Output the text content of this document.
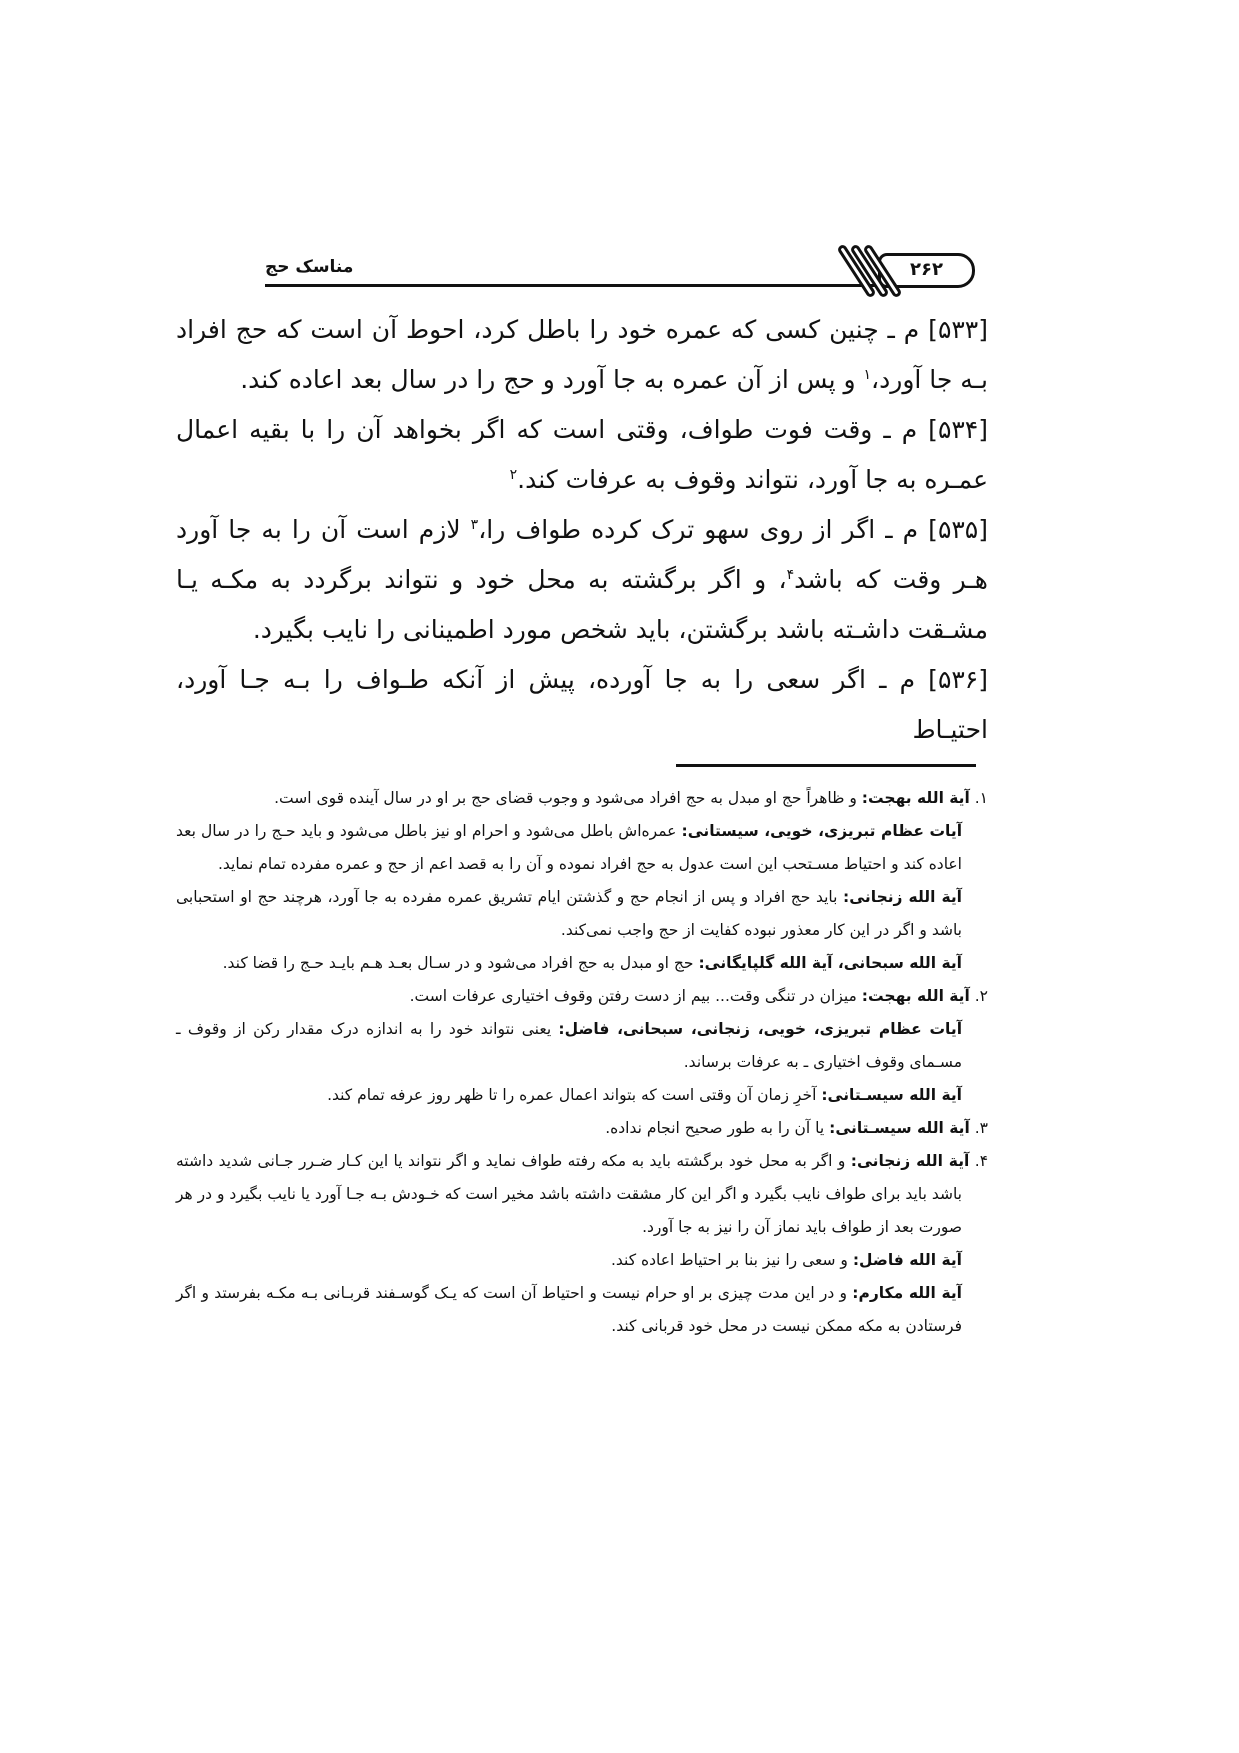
مناسک حج	۲۶۲

[۵۳۳] م ـ چنین کسی که عمره خود را باطل کرد، احوط آن است که حج افراد بـه جا آورد،$^۱$ و پس از آن عمره به جا آورد و حج را در سال بعد اعاده کند.

[۵۳۴] م ـ وقت فوت طواف، وقتی است که اگر بخواهد آن را با بقیه اعمال عمـره به جا آورد، نتواند وقوف به عرفات کند.$^۲$

[۵۳۵] م ـ اگر از روی سهو ترک کرده طواف را،$^۳$ لازم است آن را به جا آورد هـر وقت که باشد$^۴$، و اگر برگشته به محل خود و نتواند برگردد به مکـه یـا مشـقت داشـته باشد برگشتن، باید شخص مورد اطمینانی را نایب بگیرد.

[۵۳۶] م ـ اگر سعی را به جا آورده، پیش از آنکه طـواف را بـه جـا آورد، احتیـاط

۱. آیة الله بهجت: و ظاهراً حج او مبدل به حج افراد می‌شود و وجوب قضای حج بر او در سال آینده قوی است.

آیات عظام تبریزی، خویی، سیستانی: عمره‌اش باطل می‌شود و احرام او نیز باطل می‌شود و باید حـج را در سال بعد اعاده کند و احتیاط مسـتحب این است عدول به حج افراد نموده و آن را به قصد اعم از حج و عمره مفرده تمام نماید.

آیة الله زنجانی: باید حج افراد و پس از انجام حج و گذشتن ایام تشریق عمره مفرده به جا آورد، هرچند حج او استحبابی باشد و اگر در این کار معذور نبوده کفایت از حج واجب نمی‌کند.

آیة الله سبحانی، آیة الله گلپایگانی: حج او مبدل به حج افراد می‌شود و در سـال بعـد هـم بایـد حـج را قضا کند.

۲. آیة الله بهجت: میزان در تنگی وقت... بیم از دست رفتن وقوف اختیاری عرفات است.

آیات عظام تبریزی، خویی، زنجانی، سبحانی، فاضل: یعنی نتواند خود را به اندازه درک مقدار رکن از وقوف ـ مسـمای وقوف اختیاری ـ به عرفات برساند.

آیة الله سیسـتانی: آخرِ زمان آن وقتی است که بتواند اعمال عمره را تا ظهر روز عرفه تمام کند.

۳. آیة الله سیسـتانی: یا آن را به طور صحیح انجام نداده.

۴. آیة الله زنجانی: و اگر به محل خود برگشته باید به مکه رفته طواف نماید و اگر نتواند یا این کـار ضـرر جـانی شدید داشته باشد باید برای طواف نایب بگیرد و اگر این کار مشقت داشته باشد مخیر است که خـودش بـه جـا آورد یا نایب بگیرد و در هر صورت بعد از طواف باید نماز آن را نیز به جا آورد.

آیة الله فاضل: و سعی را نیز بنا بر احتیاط اعاده کند.

آیة الله مکارم: و در این مدت چیزی بر او حرام نیست و احتیاط آن است که یـک گوسـفند قربـانی بـه مکـه بفرستد و اگر فرستادن به مکه ممکن نیست در محل خود قربانی کند.
